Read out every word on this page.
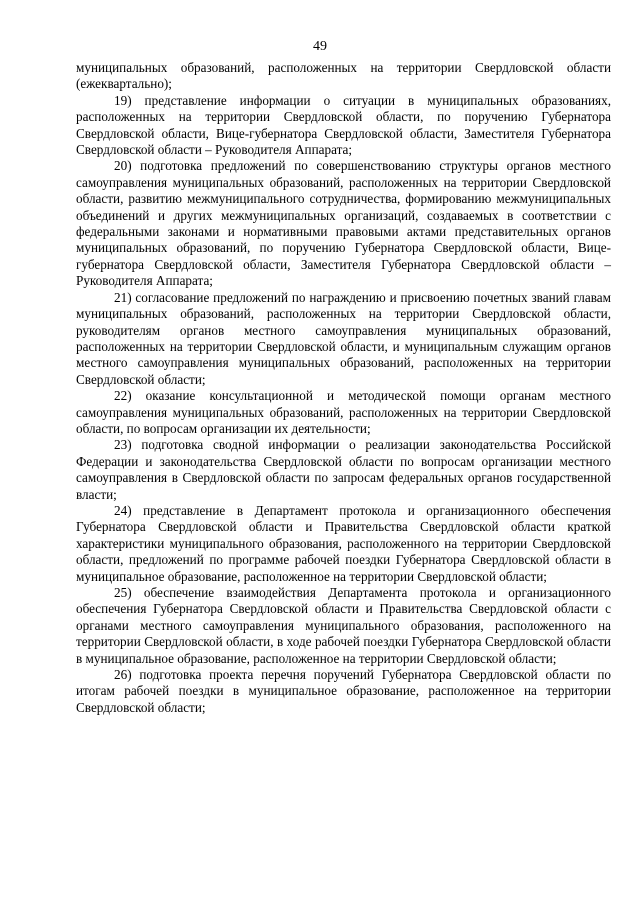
49

муниципальных образований, расположенных на территории Свердловской области (ежеквартально);

19) представление информации о ситуации в муниципальных образованиях, расположенных на территории Свердловской области, по поручению Губернатора Свердловской области, Вице-губернатора Свердловской области, Заместителя Губернатора Свердловской области – Руководителя Аппарата;

20) подготовка предложений по совершенствованию структуры органов местного самоуправления муниципальных образований, расположенных на территории Свердловской области, развитию межмуниципального сотрудничества, формированию межмуниципальных объединений и других межмуниципальных организаций, создаваемых в соответствии с федеральными законами и нормативными правовыми актами представительных органов муниципальных образований, по поручению Губернатора Свердловской области, Вице-губернатора Свердловской области, Заместителя Губернатора Свердловской области – Руководителя Аппарата;

21) согласование предложений по награждению и присвоению почетных званий главам муниципальных образований, расположенных на территории Свердловской области, руководителям органов местного самоуправления муниципальных образований, расположенных на территории Свердловской области, и муниципальным служащим органов местного самоуправления муниципальных образований, расположенных на территории Свердловской области;

22) оказание консультационной и методической помощи органам местного самоуправления муниципальных образований, расположенных на территории Свердловской области, по вопросам организации их деятельности;

23) подготовка сводной информации о реализации законодательства Российской Федерации и законодательства Свердловской области по вопросам организации местного самоуправления в Свердловской области по запросам федеральных органов государственной власти;

24) представление в Департамент протокола и организационного обеспечения Губернатора Свердловской области и Правительства Свердловской области краткой характеристики муниципального образования, расположенного на территории Свердловской области, предложений по программе рабочей поездки Губернатора Свердловской области в муниципальное образование, расположенное на территории Свердловской области;

25) обеспечение взаимодействия Департамента протокола и организационного обеспечения Губернатора Свердловской области и Правительства Свердловской области с органами местного самоуправления муниципального образования, расположенного на территории Свердловской области, в ходе рабочей поездки Губернатора Свердловской области в муниципальное образование, расположенное на территории Свердловской области;

26) подготовка проекта перечня поручений Губернатора Свердловской области по итогам рабочей поездки в муниципальное образование, расположенное на территории Свердловской области;
